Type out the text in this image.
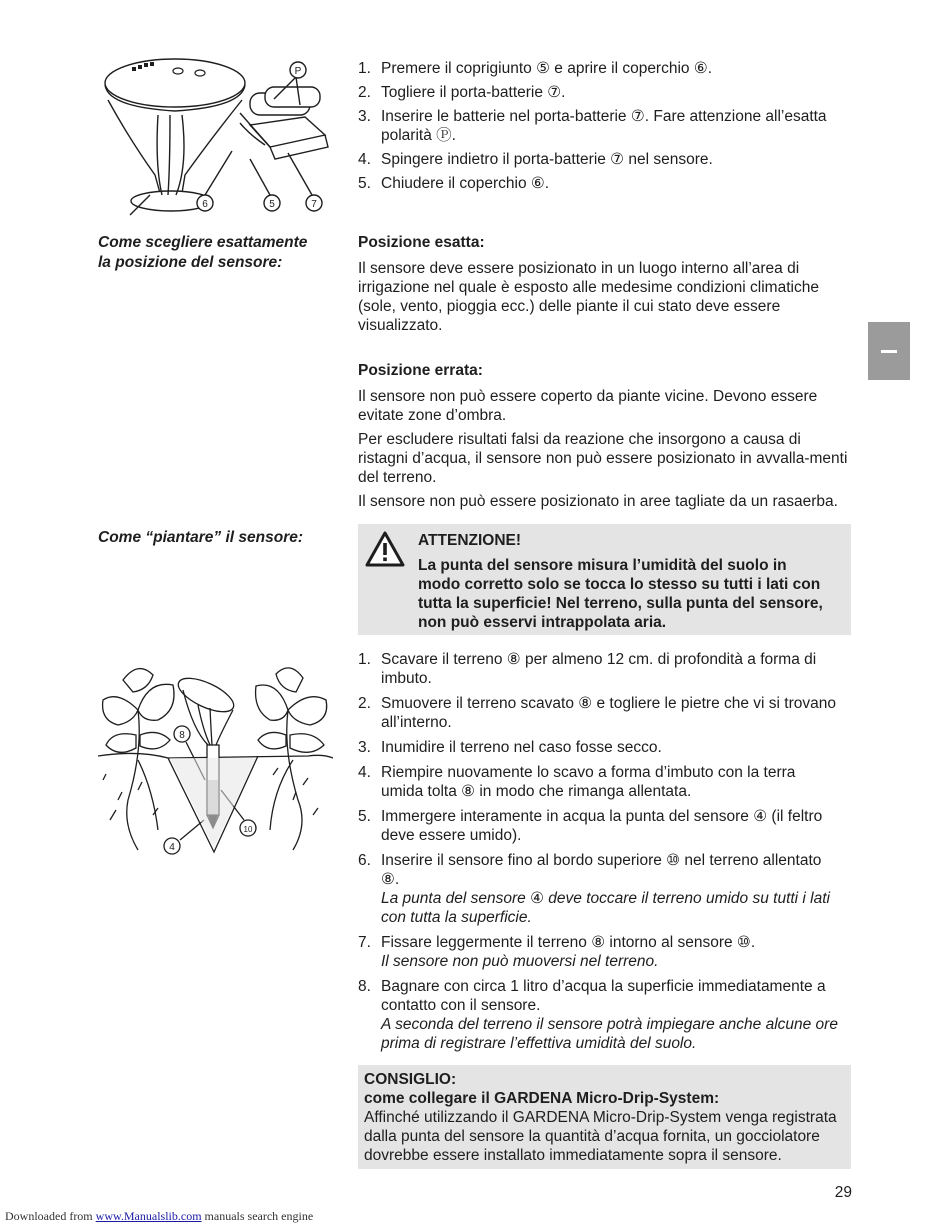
P
6	5	7
1. Premere il coprigiunto ⑤ e aprire il coperchio ⑥.
2. Togliere il porta-batterie ⑦.
3. Inserire le batterie nel porta-batterie ⑦. Fare attenzione all’esatta polarità Ⓟ.
4. Spingere indietro il porta-batterie ⑦ nel sensore.
5. Chiudere il coperchio ⑥.
Come scegliere esattamente
la posizione del sensore:
Posizione esatta:
Il sensore deve essere posizionato in un luogo interno all’area di irrigazione nel quale è esposto alle medesime condizioni climatiche (sole, vento, pioggia ecc.) delle piante il cui stato deve essere visualizzato.
Posizione errata:
Il sensore non può essere coperto da piante vicine. Devono essere evitate zone d’ombra.
Per escludere risultati falsi da reazione che insorgono a causa di ristagni d’acqua, il sensore non può essere posizionato in avvalla-menti del terreno.
Il sensore non può essere posizionato in aree tagliate da un rasaerba.
Come “piantare” il sensore:	ATTENZIONE!
La punta del sensore misura l’umidità del suolo in modo corretto solo se tocca lo stesso su tutti i lati con tutta la superficie! Nel terreno, sulla punta del sensore, non può esservi intrappolata aria.
8
10
4
1. Scavare il terreno ⑧ per almeno 12 cm. di profondità a forma di imbuto.
2. Smuovere il terreno scavato ⑧ e togliere le pietre che vi si trovano all’interno.
3. Inumidire il terreno nel caso fosse secco.
4. Riempire nuovamente lo scavo a forma d’imbuto con la terra umida tolta ⑧ in modo che rimanga allentata.
5. Immergere interamente in acqua la punta del sensore ④ (il feltro deve essere umido).
6. Inserire il sensore fino al bordo superiore ⑩ nel terreno allentato ⑧.
La punta del sensore ④ deve toccare il terreno umido su tutti i lati con tutta la superficie.
7. Fissare leggermente il terreno ⑧ intorno al sensore ⑩.
Il sensore non può muoversi nel terreno.
8. Bagnare con circa 1 litro d’acqua la superficie immediatamente a contatto con il sensore.
A seconda del terreno il sensore potrà impiegare anche alcune ore prima di registrare l’effettiva umidità del suolo.
CONSIGLIO:
come collegare il GARDENA Micro-Drip-System:
Affinché utilizzando il GARDENA Micro-Drip-System venga registrata dalla punta del sensore la quantità d’acqua fornita, un gocciolatore dovrebbe essere installato immediatamente sopra il sensore.
29
Downloaded from www.Manualslib.com manuals search engine
